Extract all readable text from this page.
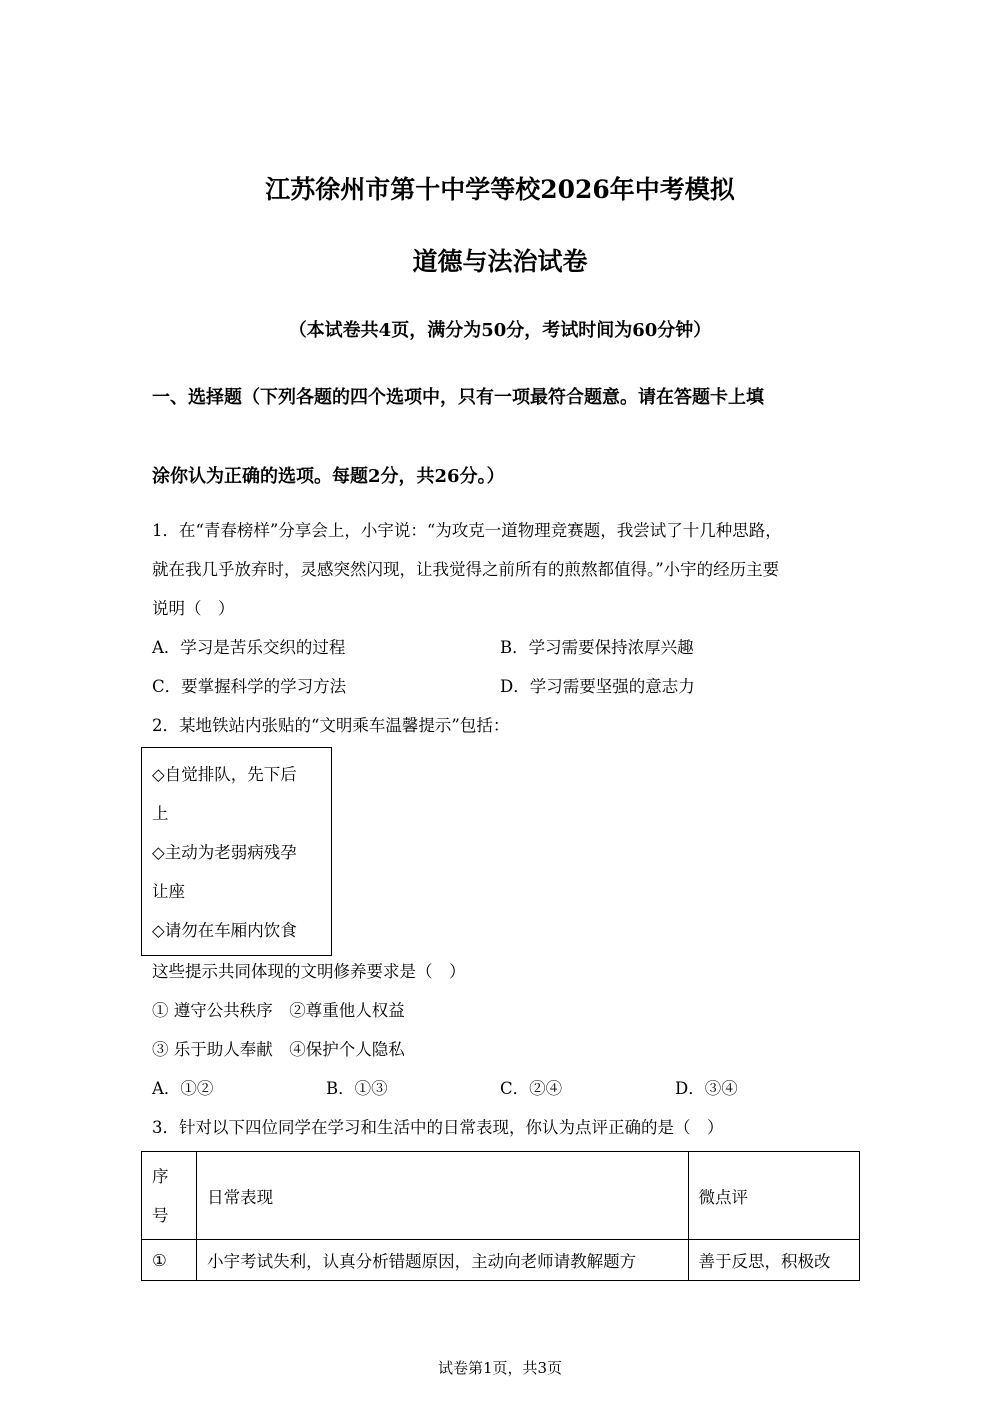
江苏徐州市第十中学等校2026年中考模拟
道德与法治试卷
（本试卷共4页，满分为50分，考试时间为60分钟）
一、选择题（下列各题的四个选项中，只有一项最符合题意。请在答题卡上填
涂你认为正确的选项。每题2分，共26分。）
1．在“青春榜样”分享会上，小宇说：“为攻克一道物理竞赛题，我尝试了十几种思路，
就在我几乎放弃时，灵感突然闪现，让我觉得之前所有的煎熬都值得。”小宇的经历主要
说明（　）
A．学习是苦乐交织的过程	B．学习需要保持浓厚兴趣
C．要掌握科学的学习方法	D．学习需要坚强的意志力
2．某地铁站内张贴的“文明乘车温馨提示”包括：
◇自觉排队，先下后
上
◇主动为老弱病残孕
让座
◇请勿在车厢内饮食
这些提示共同体现的文明修养要求是（　）
① 遵守公共秩序　②尊重他人权益
③ 乐于助人奉献　④保护个人隐私
A．①②	B．①③	C．②④	D．③④
3．针对以下四位同学在学习和生活中的日常表现，你认为点评正确的是（　）
序号	日常表现	微点评
①	小宇考试失利，认真分析错题原因，主动向老师请教解题方	善于反思，积极改
试卷第1页，共3页
